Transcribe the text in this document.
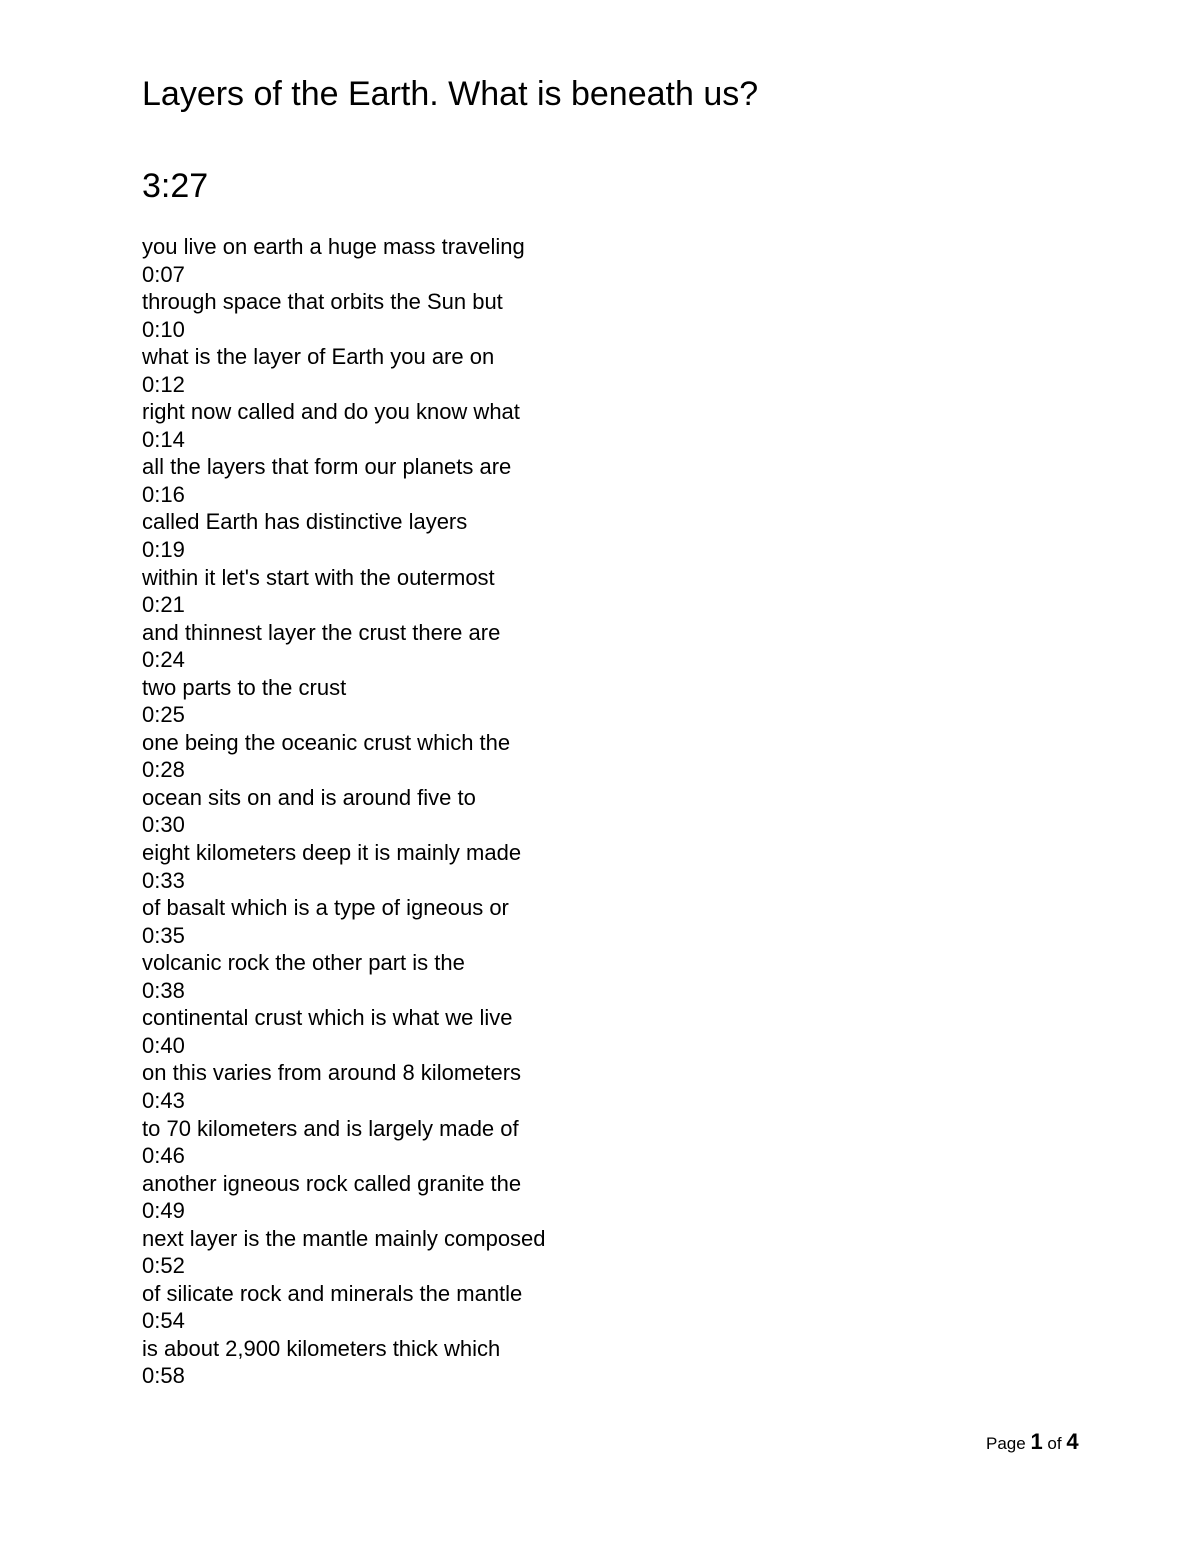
Layers of the Earth. What is beneath us?
3:27
you live on earth a huge mass traveling
0:07
through space that orbits the Sun but
0:10
what is the layer of Earth you are on
0:12
right now called and do you know what
0:14
all the layers that form our planets are
0:16
called Earth has distinctive layers
0:19
within it let's start with the outermost
0:21
and thinnest layer the crust there are
0:24
two parts to the crust
0:25
one being the oceanic crust which the
0:28
ocean sits on and is around five to
0:30
eight kilometers deep it is mainly made
0:33
of basalt which is a type of igneous or
0:35
volcanic rock the other part is the
0:38
continental crust which is what we live
0:40
on this varies from around 8 kilometers
0:43
to 70 kilometers and is largely made of
0:46
another igneous rock called granite the
0:49
next layer is the mantle mainly composed
0:52
of silicate rock and minerals the mantle
0:54
is about 2,900 kilometers thick which
0:58
Page 1 of 4
